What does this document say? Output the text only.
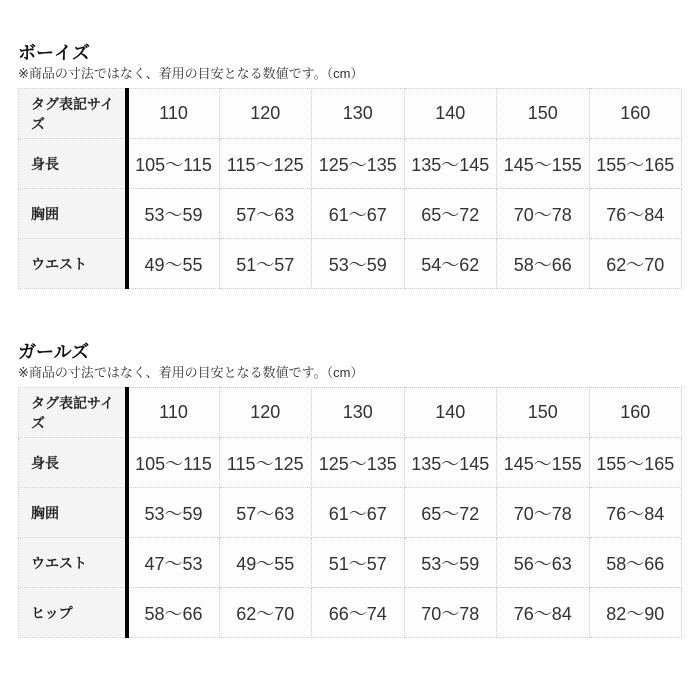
ボーイズ

※商品の寸法ではなく、着用の目安となる数値です。（cm）

タグ表記サイズ	110	120	130	140	150	160
身長	105〜115	115〜125	125〜135	135〜145	145〜155	155〜165
胸囲	53〜59	57〜63	61〜67	65〜72	70〜78	76〜84
ウエスト	49〜55	51〜57	53〜59	54〜62	58〜66	62〜70
ガールズ

※商品の寸法ではなく、着用の目安となる数値です。（cm）

タグ表記サイズ	110	120	130	140	150	160
身長	105〜115	115〜125	125〜135	135〜145	145〜155	155〜165
胸囲	53〜59	57〜63	61〜67	65〜72	70〜78	76〜84
ウエスト	47〜53	49〜55	51〜57	53〜59	56〜63	58〜66
ヒップ	58〜66	62〜70	66〜74	70〜78	76〜84	82〜90
